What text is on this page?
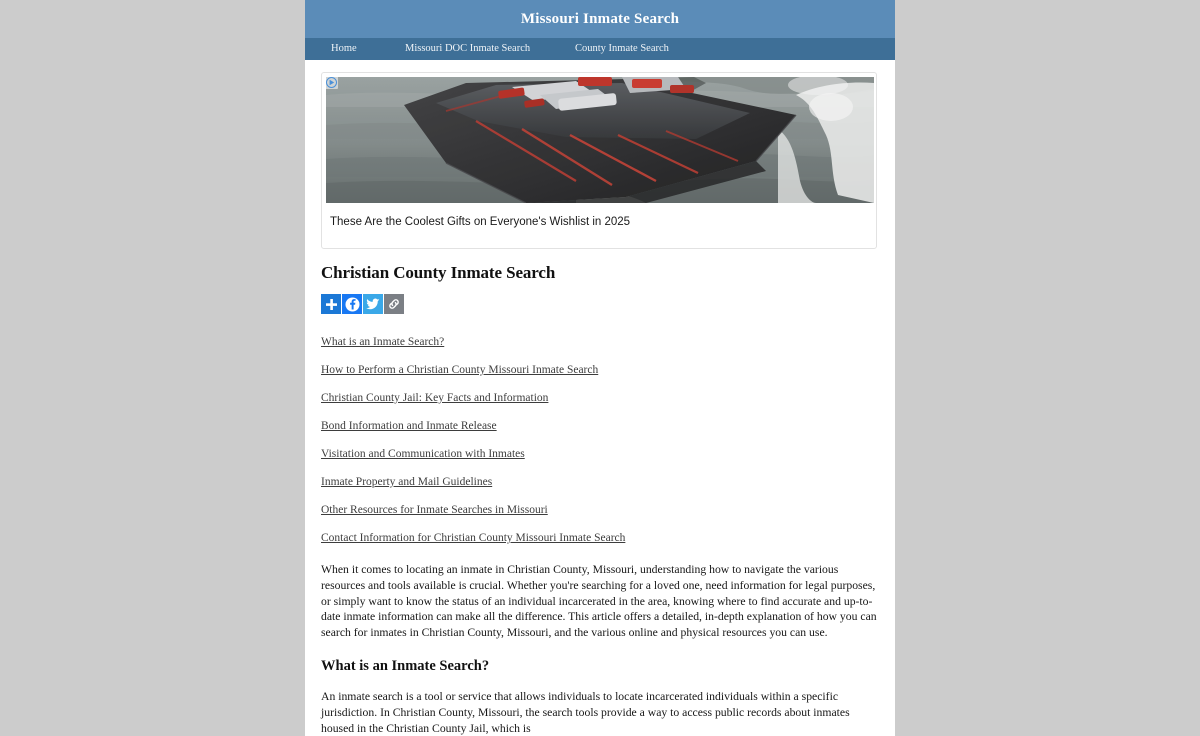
Missouri Inmate Search
Home	Missouri DOC Inmate Search	County Inmate Search
These Are the Coolest Gifts on Everyone's Wishlist in 2025
Christian County Inmate Search
What is an Inmate Search?
How to Perform a Christian County Missouri Inmate Search
Christian County Jail: Key Facts and Information
Bond Information and Inmate Release
Visitation and Communication with Inmates
Inmate Property and Mail Guidelines
Other Resources for Inmate Searches in Missouri
Contact Information for Christian County Missouri Inmate Search

When it comes to locating an inmate in Christian County, Missouri, understanding how to navigate the various resources and tools available is crucial. Whether you're searching for a loved one, need information for legal purposes, or simply want to know the status of an individual incarcerated in the area, knowing where to find accurate and up-to-date inmate information can make all the difference. This article offers a detailed, in-depth explanation of how you can search for inmates in Christian County, Missouri, and the various online and physical resources you can use.

What is an Inmate Search?

An inmate search is a tool or service that allows individuals to locate incarcerated individuals within a specific jurisdiction. In Christian County, Missouri, the search tools provide a way to access public records about inmates housed in the Christian County Jail, which is
